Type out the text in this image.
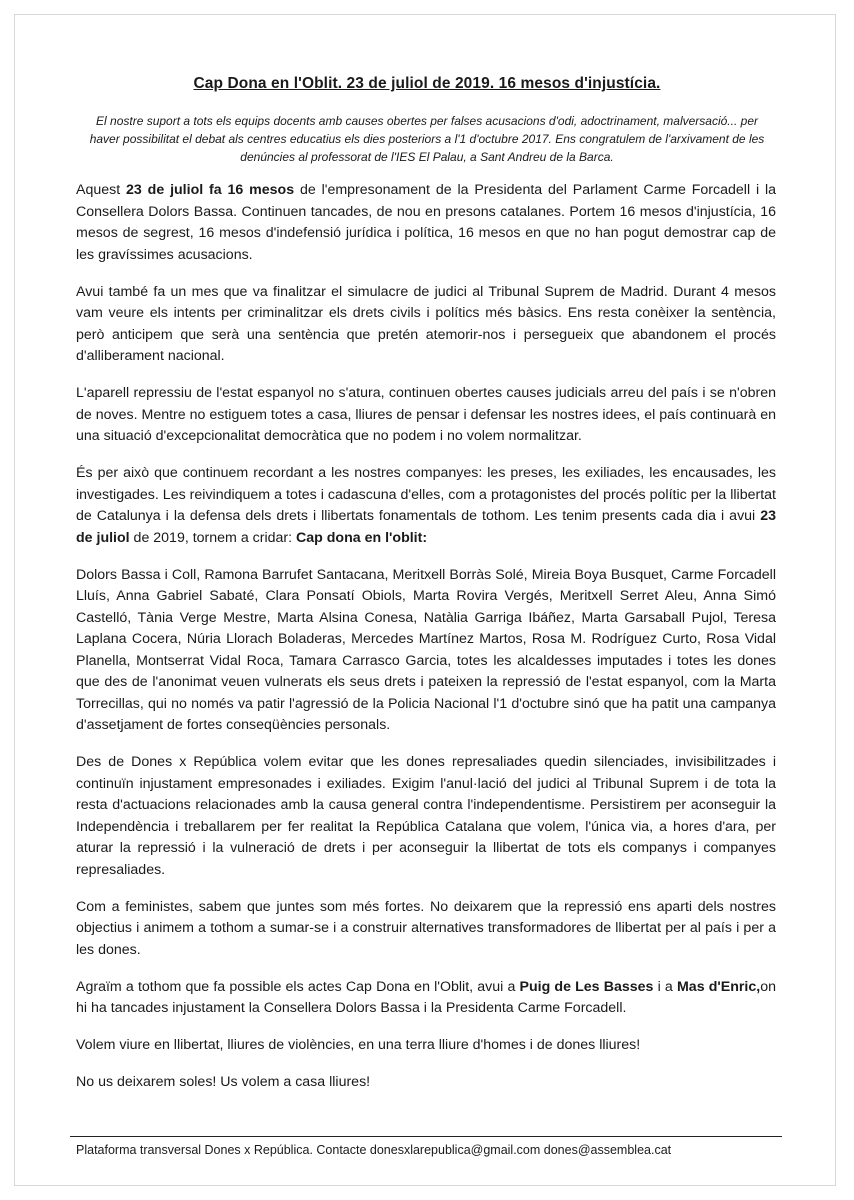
Cap Dona en l'Oblit. 23 de juliol de 2019. 16 mesos d'injustícia.
El nostre suport a tots els equips docents amb causes obertes per falses acusacions d'odi, adoctrinament, malversació... per haver possibilitat el debat als centres educatius els dies posteriors a l'1 d'octubre 2017. Ens congratulem de l'arxivament de les denúncies al professorat de l'IES El Palau, a Sant Andreu de la Barca.

Aquest 23 de juliol fa 16 mesos de l'empresonament de la Presidenta del Parlament Carme Forcadell i la Consellera Dolors Bassa. Continuen tancades, de nou en presons catalanes. Portem 16 mesos d'injustícia, 16 mesos de segrest, 16 mesos d'indefensió jurídica i política, 16 mesos en que no han pogut demostrar cap de les gravíssimes acusacions.

Avui també fa un mes que va finalitzar el simulacre de judici al Tribunal Suprem de Madrid. Durant 4 mesos vam veure els intents per criminalitzar els drets civils i polítics més bàsics. Ens resta conèixer la sentència, però anticipem que serà una sentència que pretén atemorir-nos i persegueix que abandonem el procés d'alliberament nacional.

L'aparell repressiu de l'estat espanyol no s'atura, continuen obertes causes judicials arreu del país i se n'obren de noves. Mentre no estiguem totes a casa, lliures de pensar i defensar les nostres idees, el país continuarà en una situació d'excepcionalitat democràtica que no podem i no volem normalitzar.

És per això que continuem recordant a les nostres companyes: les preses, les exiliades, les encausades, les investigades. Les reivindiquem a totes i cadascuna d'elles, com a protagonistes del procés polític per la llibertat de Catalunya i la defensa dels drets i llibertats fonamentals de tothom. Les tenim presents cada dia i avui 23 de juliol de 2019, tornem a cridar: Cap dona en l'oblit:

Dolors Bassa i Coll, Ramona Barrufet Santacana, Meritxell Borràs Solé, Mireia Boya Busquet, Carme Forcadell Lluís, Anna Gabriel Sabaté, Clara Ponsatí Obiols, Marta Rovira Vergés, Meritxell Serret Aleu, Anna Simó Castelló, Tània Verge Mestre, Marta Alsina Conesa, Natàlia Garriga Ibáñez, Marta Garsaball Pujol, Teresa Laplana Cocera, Núria Llorach Boladeras, Mercedes Martínez Martos, Rosa M. Rodríguez Curto, Rosa Vidal Planella, Montserrat Vidal Roca, Tamara Carrasco Garcia, totes les alcaldesses imputades i totes les dones que des de l'anonimat veuen vulnerats els seus drets i pateixen la repressió de l'estat espanyol, com la Marta Torrecillas, qui no només va patir l'agressió de la Policia Nacional l'1 d'octubre sinó que ha patit una campanya d'assetjament de fortes conseqüències personals.

Des de Dones x República volem evitar que les dones represaliades quedin silenciades, invisibilitzades i continuïn injustament empresonades i exiliades. Exigim l'anul·lació del judici al Tribunal Suprem i de tota la resta d'actuacions relacionades amb la causa general contra l'independentisme. Persistirem per aconseguir la Independència i treballarem per fer realitat la República Catalana que volem, l'única via, a hores d'ara, per aturar la repressió i la vulneració de drets i per aconseguir la llibertat de tots els companys i companyes represaliades.

Com a feministes, sabem que juntes som més fortes. No deixarem que la repressió ens aparti dels nostres objectius i animem a tothom a sumar-se i a construir alternatives transformadores de llibertat per al país i per a les dones.

Agraïm a tothom que fa possible els actes Cap Dona en l'Oblit, avui a Puig de Les Basses i a Mas d'Enric,on hi ha tancades injustament la Consellera Dolors Bassa i la Presidenta Carme Forcadell.

Volem viure en llibertat, lliures de violències, en una terra lliure d'homes i de dones lliures!

No us deixarem soles! Us volem a casa lliures!

Plataforma transversal Dones x República. Contacte donesxlarepublica@gmail.com dones@assemblea.cat
